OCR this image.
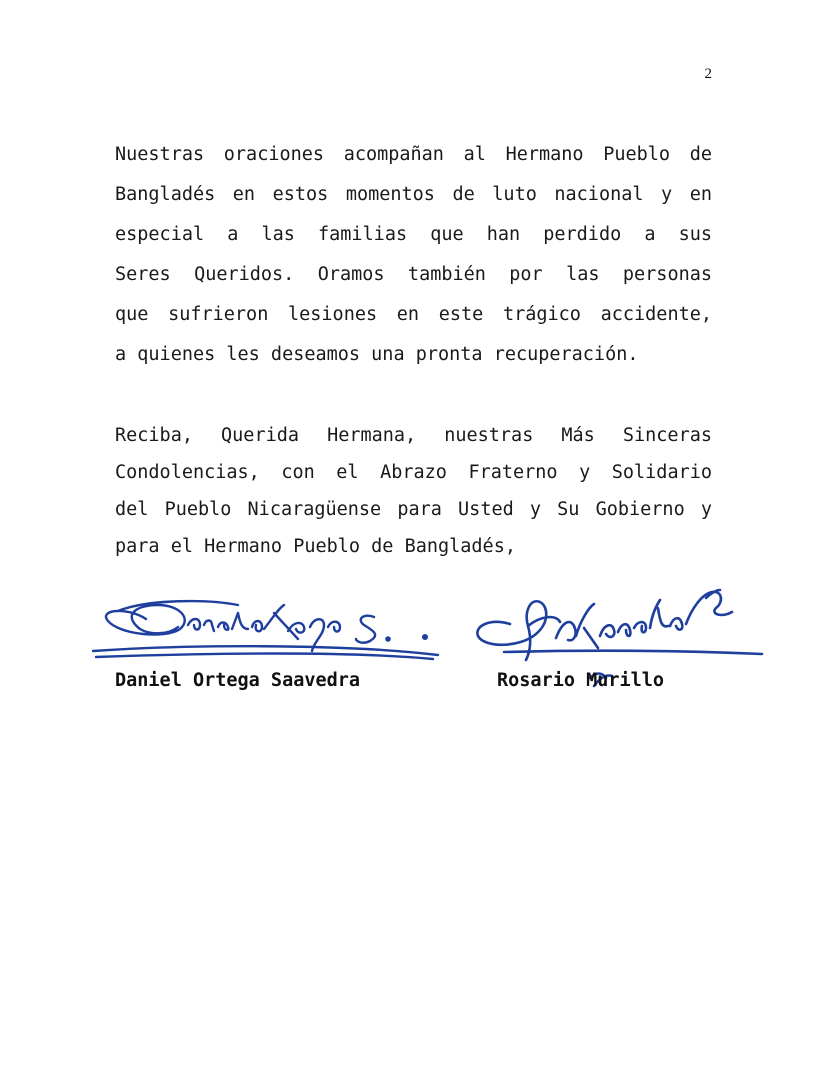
2
Nuestras oraciones acompañan al Hermano Pueblo de
Bangladés en estos momentos de luto nacional y en
especial a las familias que han perdido a sus
Seres Queridos. Oramos también por las personas
que sufrieron lesiones en este trágico accidente,
a quienes les deseamos una pronta recuperación.
Reciba, Querida Hermana, nuestras Más Sinceras
Condolencias, con el Abrazo Fraterno y Solidario
del Pueblo Nicaragüense para Usted y Su Gobierno y
para el Hermano Pueblo de Bangladés,
Daniel Ortega Saavedra	Rosario Murillo
